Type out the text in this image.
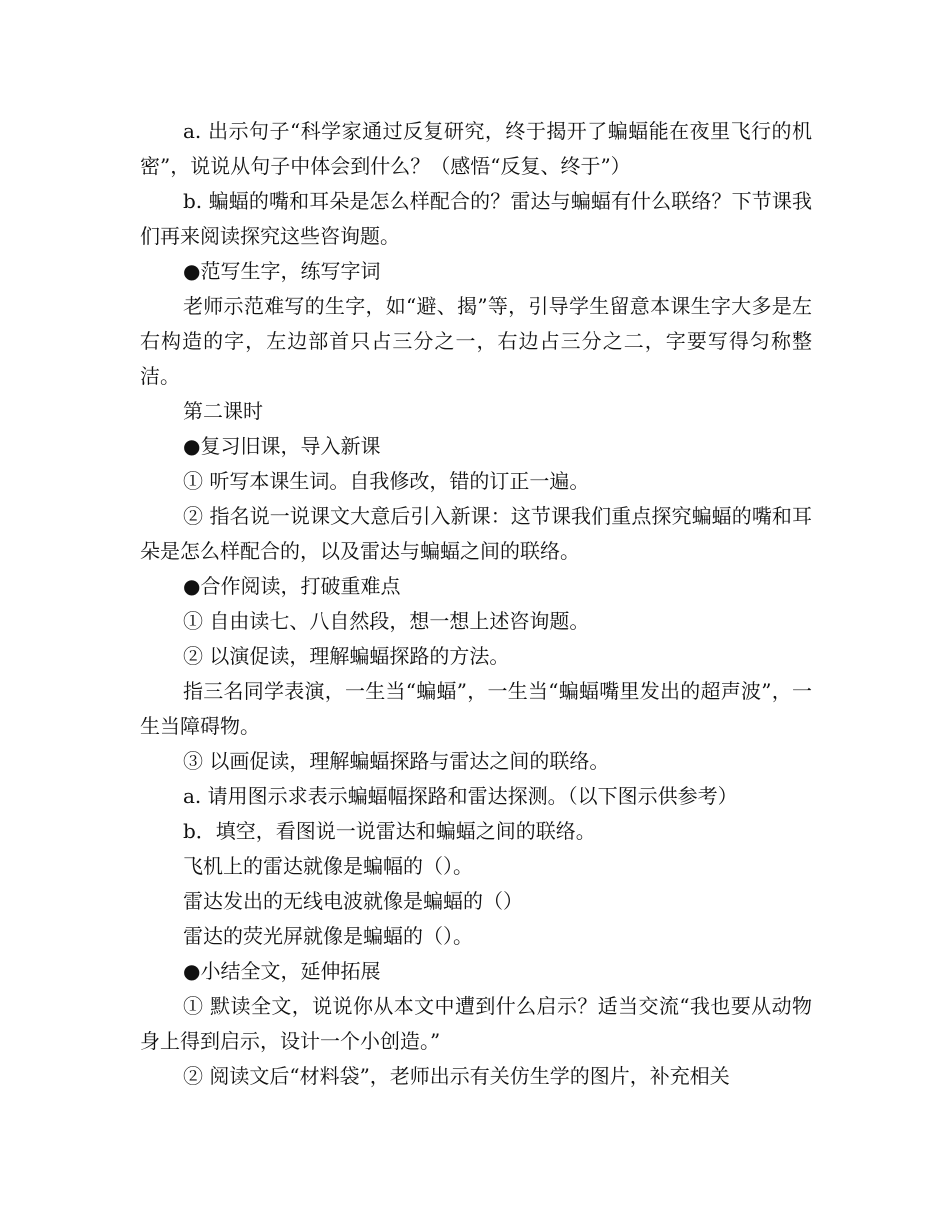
a. 出示句子“科学家通过反复研究，终于揭开了蝙蝠能在夜里飞行的机密”，说说从句子中体会到什么？（感悟“反复、终于”）

b. 蝙蝠的嘴和耳朵是怎么样配合的？雷达与蝙蝠有什么联络？下节课我们再来阅读探究这些咨询题。

●范写生字，练写字词

老师示范难写的生字，如“避、揭”等，引导学生留意本课生字大多是左右构造的字，左边部首只占三分之一，右边占三分之二，字要写得匀称整洁。

第二课时

●复习旧课，导入新课

① 听写本课生词。自我修改，错的订正一遍。

② 指名说一说课文大意后引入新课：这节课我们重点探究蝙蝠的嘴和耳朵是怎么样配合的，以及雷达与蝙蝠之间的联络。

●合作阅读，打破重难点

① 自由读七、八自然段，想一想上述咨询题。

② 以演促读，理解蝙蝠探路的方法。

指三名同学表演，一生当“蝙蝠”，一生当“蝙蝠嘴里发出的超声波”，一生当障碍物。

③ 以画促读，理解蝙蝠探路与雷达之间的联络。

a. 请用图示求表示蝙蝠幅探路和雷达探测。（以下图示供参考）

b．填空，看图说一说雷达和蝙蝠之间的联络。

飞机上的雷达就像是蝙幅的（）。

雷达发出的无线电波就像是蝙蝠的（）

雷达的荧光屏就像是蝙蝠的（）。

●小结全文，延伸拓展

① 默读全文，说说你从本文中遭到什么启示？适当交流“我也要从动物身上得到启示，设计一个小创造。”

② 阅读文后“材料袋”，老师出示有关仿生学的图片，补充相关
